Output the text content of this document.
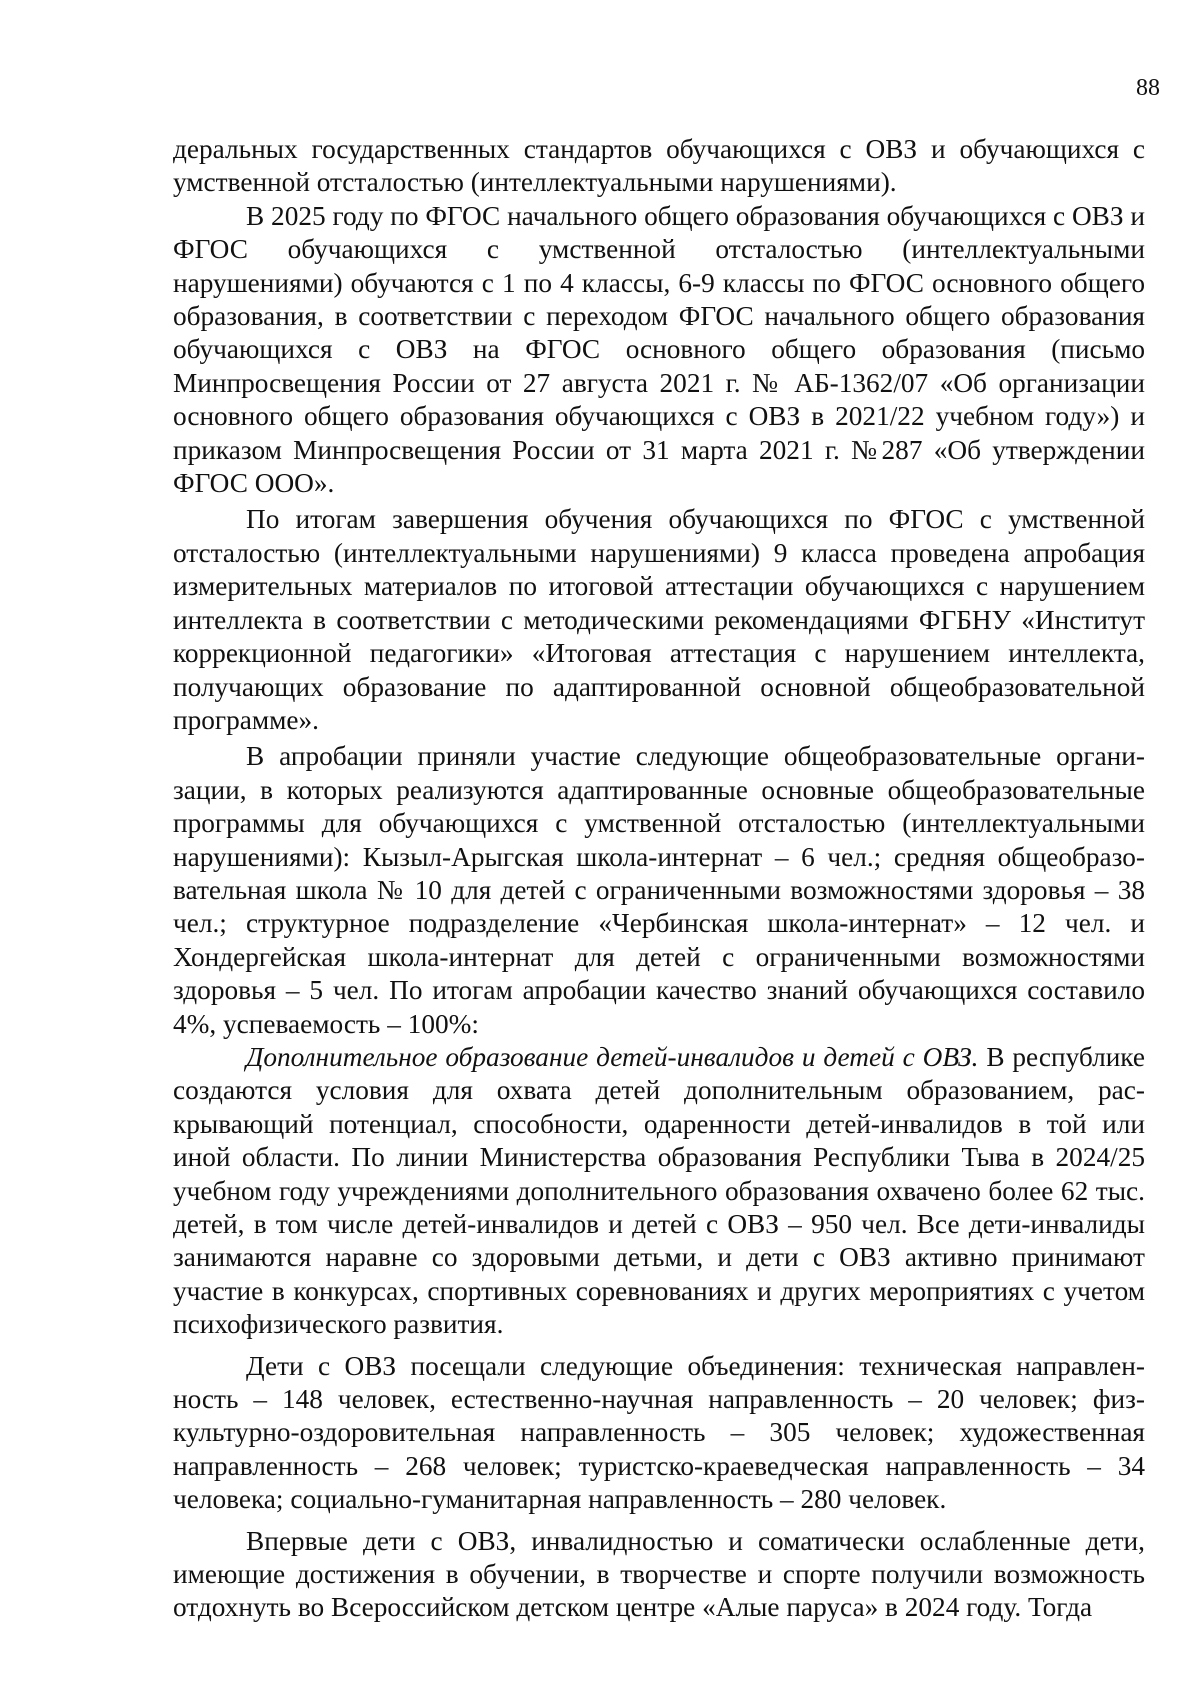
88

деральных государственных стандартов обучающихся с ОВЗ и обучающихся с умственной отсталостью (интеллектуальными нарушениями).

В 2025 году по ФГОС начального общего образования обучающихся с ОВЗ и ФГОС обучающихся с умственной отсталостью (интеллектуальными нарушениями) обучаются с 1 по 4 классы, 6-9 классы по ФГОС основного общего образования, в соответствии с переходом ФГОС начального общего образования обучающихся с ОВЗ на ФГОС основного общего образования (письмо Минпросвещения России от 27 августа 2021 г. № АБ-1362/07 «Об организации основного общего образования обучающихся с ОВЗ в 2021/22 учебном году») и приказом Минпросвещения России от 31 марта 2021 г. №287 «Об утверждении ФГОС ООО».

По итогам завершения обучения обучающихся по ФГОС с умственной отсталостью (интеллектуальными нарушениями) 9 класса проведена апробация измерительных материалов по итоговой аттестации обучающихся с нарушением интеллекта в соответствии с методическими рекомендациями ФГБНУ «Институт коррекционной педагогики» «Итоговая аттестация с нарушением интеллекта, получающих образование по адаптированной основной общеобразовательной программе».

В апробации приняли участие следующие общеобразовательные организации, в которых реализуются адаптированные основные общеобразовательные программы для обучающихся с умственной отсталостью (интеллектуальными нарушениями): Кызыл-Арыгская школа-интернат – 6 чел.; средняя общеобразовательная школа № 10 для детей с ограниченными возможностями здоровья – 38 чел.; структурное подразделение «Чербинская школа-интернат» – 12 чел. и Хондергейская школа-интернат для детей с ограниченными возможностями здоровья – 5 чел. По итогам апробации качество знаний обучающихся составило 4%, успеваемость – 100%:

Дополнительное образование детей-инвалидов и детей с ОВЗ. В республике создаются условия для охвата детей дополнительным образованием, раскрывающий потенциал, способности, одаренности детей-инвалидов в той или иной области. По линии Министерства образования Республики Тыва в 2024/25 учебном году учреждениями дополнительного образования охвачено более 62 тыс. детей, в том числе детей-инвалидов и детей с ОВЗ – 950 чел. Все дети-инвалиды занимаются наравне со здоровыми детьми, и дети с ОВЗ активно принимают участие в конкурсах, спортивных соревнованиях и других мероприятиях с учетом психофизического развития.

Дети с ОВЗ посещали следующие объединения: техническая направленность – 148 человек, естественно-научная направленность – 20 человек; физкультурно-оздоровительная направленность – 305 человек; художественная направленность – 268 человек; туристско-краеведческая направленность – 34 человека; социально-гуманитарная направленность – 280 человек.

Впервые дети с ОВЗ, инвалидностью и соматически ослабленные дети, имеющие достижения в обучении, в творчестве и спорте получили возможность отдохнуть во Всероссийском детском центре «Алые паруса» в 2024 году. Тогда
